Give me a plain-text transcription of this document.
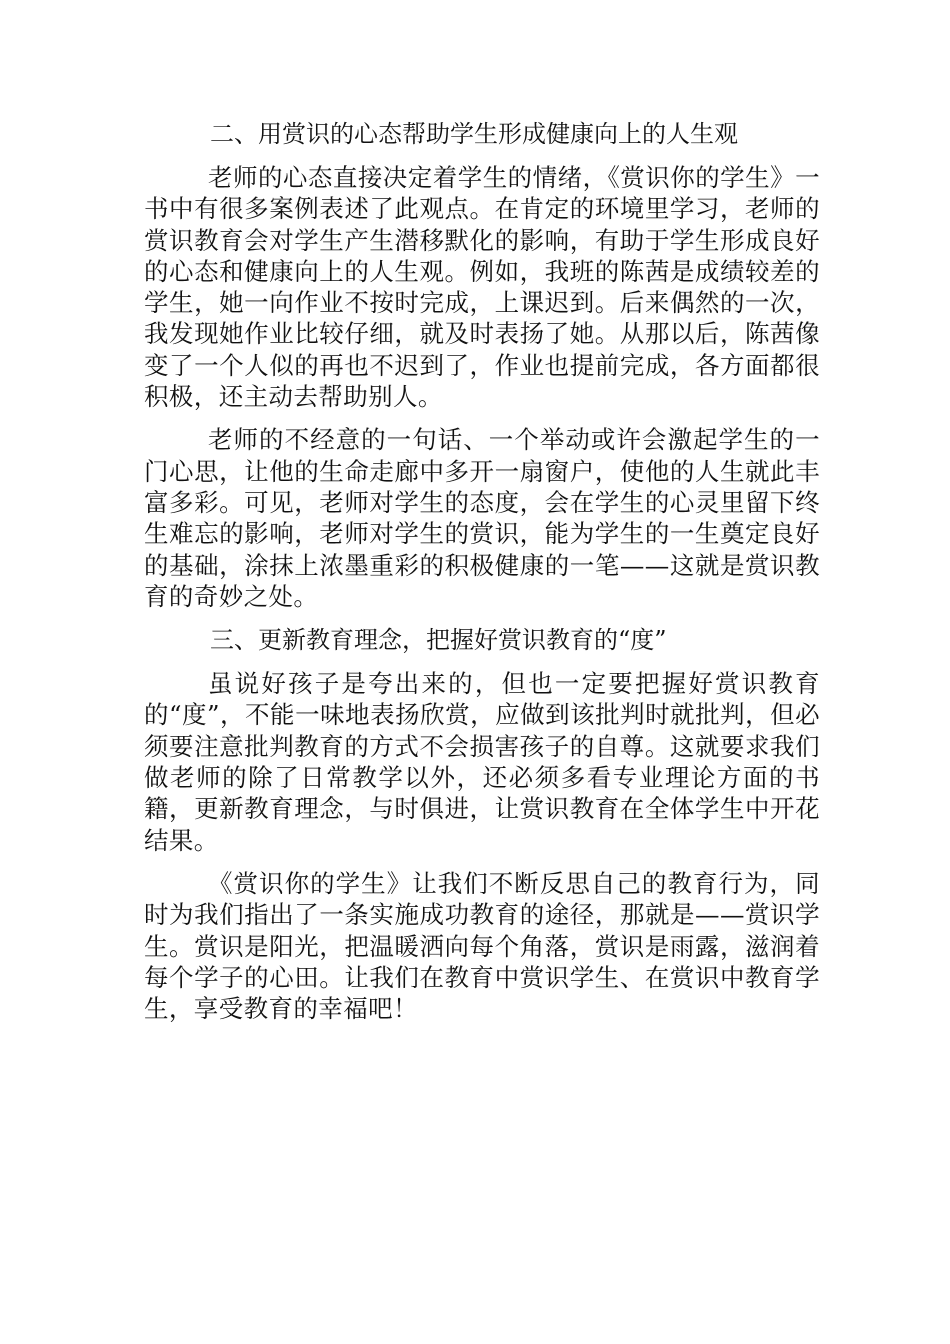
二、用赏识的心态帮助学生形成健康向上的人生观

老师的心态直接决定着学生的情绪，《赏识你的学生》一书中有很多案例表述了此观点。在肯定的环境里学习，老师的赏识教育会对学生产生潜移默化的影响，有助于学生形成良好的心态和健康向上的人生观。例如，我班的陈茜是成绩较差的学生，她一向作业不按时完成，上课迟到。后来偶然的一次，我发现她作业比较仔细，就及时表扬了她。从那以后，陈茜像变了一个人似的再也不迟到了，作业也提前完成，各方面都很积极，还主动去帮助别人。

老师的不经意的一句话、一个举动或许会激起学生的一门心思，让他的生命走廊中多开一扇窗户，使他的人生就此丰富多彩。可见，老师对学生的态度，会在学生的心灵里留下终生难忘的影响，老师对学生的赏识，能为学生的一生奠定良好的基础，涂抹上浓墨重彩的积极健康的一笔——这就是赏识教育的奇妙之处。

三、更新教育理念，把握好赏识教育的“度”

虽说好孩子是夸出来的，但也一定要把握好赏识教育的“度”，不能一味地表扬欣赏，应做到该批判时就批判，但必须要注意批判教育的方式不会损害孩子的自尊。这就要求我们做老师的除了日常教学以外，还必须多看专业理论方面的书籍，更新教育理念，与时俱进，让赏识教育在全体学生中开花结果。

《赏识你的学生》让我们不断反思自己的教育行为，同时为我们指出了一条实施成功教育的途径，那就是——赏识学生。赏识是阳光，把温暖洒向每个角落，赏识是雨露，滋润着每个学子的心田。让我们在教育中赏识学生、在赏识中教育学生，享受教育的幸福吧！
